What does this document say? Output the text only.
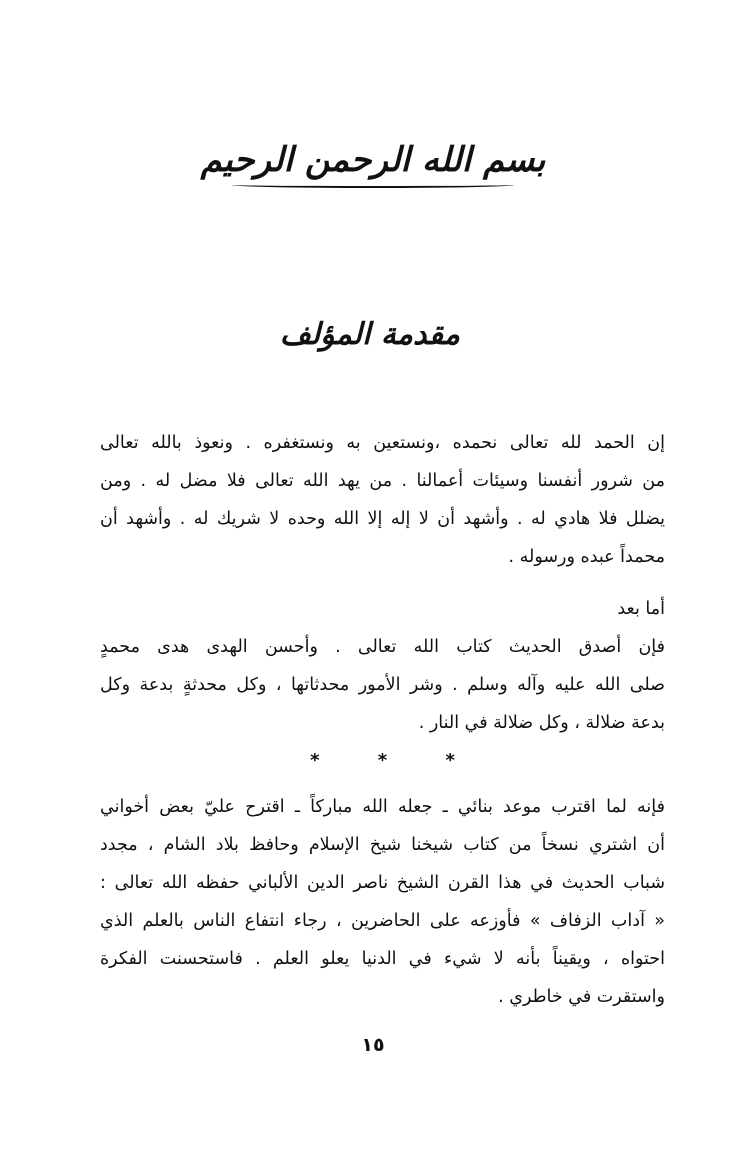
بسم الله الرحمن الرحيم
مقدمة المؤلف
إن الحمد لله تعالى نحمده ،ونستعين به ونستغفره . ونعوذ بالله تعالى
من شرور أنفسنا وسيئات أعمالنا . من يهد الله تعالى فلا مضل له . ومن
يضلل فلا هادي له . وأشهد أن لا إله إلا الله وحده لا شريك له . وأشهد أن
محمداً عبده ورسوله .
أما بعد
فإن أصدق الحديث كتاب الله تعالى . وأحسن الهدى هدى محمدٍ
صلى الله عليه وآله وسلم . وشر الأمور محدثاتها ، وكل محدثةٍ بدعة وكل
بدعة ضلالة ، وكل ضلالة في النار .
* * *
فإنه لما اقترب موعد بنائي ـ جعله الله مباركاً ـ اقترح عليّ بعض أخواني
أن اشتري نسخاً من كتاب شيخنا شيخ الإسلام وحافظ بلاد الشام ، مجدد
شباب الحديث في هذا القرن الشيخ ناصر الدين الألباني حفظه الله تعالى :
« آداب الزفاف » فأوزعه على الحاضرين ، رجاء انتفاع الناس بالعلم الذي
احتواه ، ويقيناً بأنه لا شيء في الدنيا يعلو العلم . فاستحسنت الفكرة
واستقرت في خاطري .
١٥
